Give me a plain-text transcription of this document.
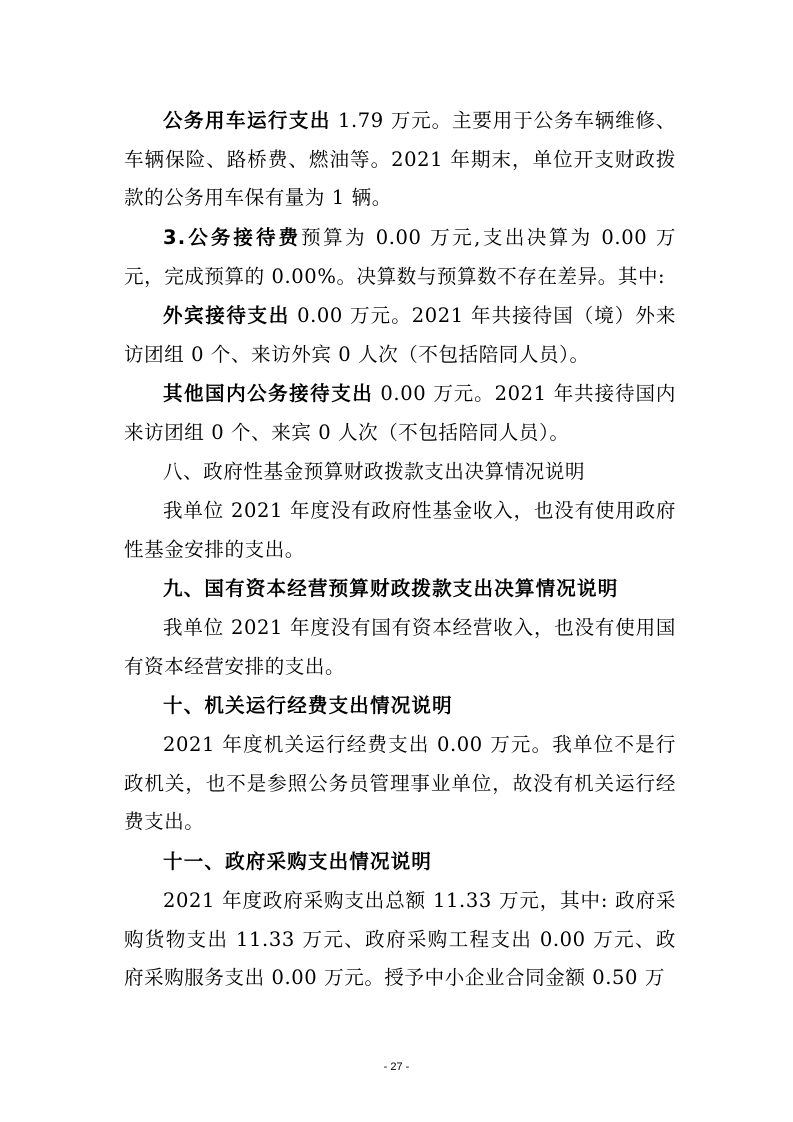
公务用车运行支出 1.79 万元。主要用于公务车辆维修、车辆保险、路桥费、燃油等。2021 年期末，单位开支财政拨款的公务用车保有量为 1 辆。

3.公务接待费预算为 0.00 万元,支出决算为 0.00 万元，完成预算的 0.00%。决算数与预算数不存在差异。其中:

外宾接待支出 0.00 万元。2021 年共接待国（境）外来访团组 0 个、来访外宾 0 人次（不包括陪同人员）。

其他国内公务接待支出 0.00 万元。2021 年共接待国内来访团组 0 个、来宾 0 人次（不包括陪同人员）。

八、政府性基金预算财政拨款支出决算情况说明

我单位 2021 年度没有政府性基金收入，也没有使用政府性基金安排的支出。

九、国有资本经营预算财政拨款支出决算情况说明

我单位 2021 年度没有国有资本经营收入，也没有使用国有资本经营安排的支出。

十、机关运行经费支出情况说明

2021 年度机关运行经费支出 0.00 万元。我单位不是行政机关，也不是参照公务员管理事业单位，故没有机关运行经费支出。

十一、政府采购支出情况说明

2021 年度政府采购支出总额 11.33 万元，其中: 政府采购货物支出 11.33 万元、政府采购工程支出 0.00 万元、政府采购服务支出 0.00 万元。授予中小企业合同金额 0.50 万

- 27 -
